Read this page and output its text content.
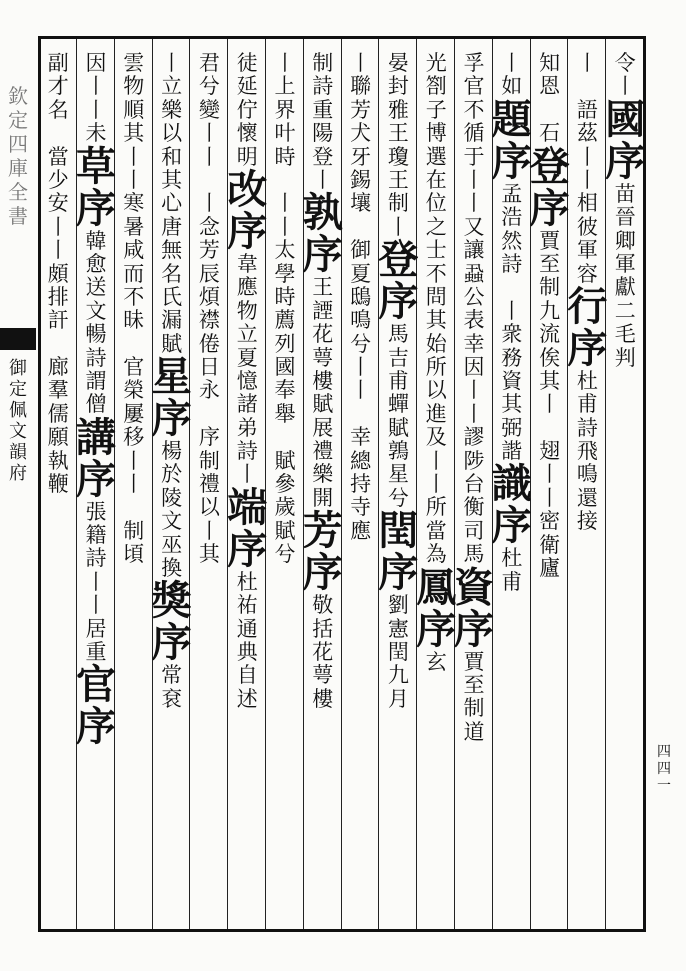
欽
定
四
庫
全
書
御
定
佩
文
韻
府
令
丨
國
序
苗
晉
卿
軍
獻
二
毛
判
丨

語
茲
丨
丨
相
彼
軍
容
行
序
杜
甫
詩
飛
鳴
還
接
知
恩

石
登
序
賈
至
制
九
流
俟
其
丨

翅
丨
丨
密
衛
廬
丨
如
題
序
孟
浩
然
詩

丨
衆
務
資
其
弼
諧
識
序
杜
甫
孚
官
不
循
于
丨
丨
又
讓
蝨
公
表
幸
因
丨
丨
謬
陟
台
衡
司
馬
資
序
賈
至
制
道
光
劄
子
博
選
在
位
之
士
不
問
其
始
所
以
進
及
丨
丨
所
當
為
鳳
序
玄
晏
封
雅
王
瓊
王
制
丨
登
序
馬
吉
甫
蟬
賦
鶉
星
兮
閏
序
劉
憲
閏
九
月
丨
聯
芳
犬
牙
錫
壤

御
夏
鴟
鳴
兮
丨
丨

幸
總
持
寺
應
制
詩
重
陽
登
丨
孰
序
王
諲
花
萼
樓
賦
展
禮
樂
開
芳
序
敬
括
花
萼
樓
丨
上
界
叶
時

丨
丨
太
學
時
薦
列
國
奉
舉

賦
參
歲
賦
兮
徒
延
佇
懷
明
改
序
韋
應
物
立
夏
憶
諸
弟
詩
丨
端
序
杜
祐
通
典
自
述
君
兮
變
丨
丨

丨
念
芳
辰
煩
襟
倦
日
永

序
制
禮
以
丨
其
丨
立
樂
以
和
其
心
唐
無
名
氏
漏
賦
星
序
楊
於
陵
文
巫
換
獎
序
常
袞
雲
物
順
其
丨
丨
寒
暑
咸
而
不
昧

官
榮
屢
移
丨
丨

制
頃
因
丨
丨
未
草
序
韓
愈
送
文
暢
詩
謂
僧
講
序
張
籍
詩
丨
丨
居
重
官
序
副
才
名

當
少
安
丨
丨
頗
排
訐

廊
羣
儒
願
執
鞭
四
四
一
